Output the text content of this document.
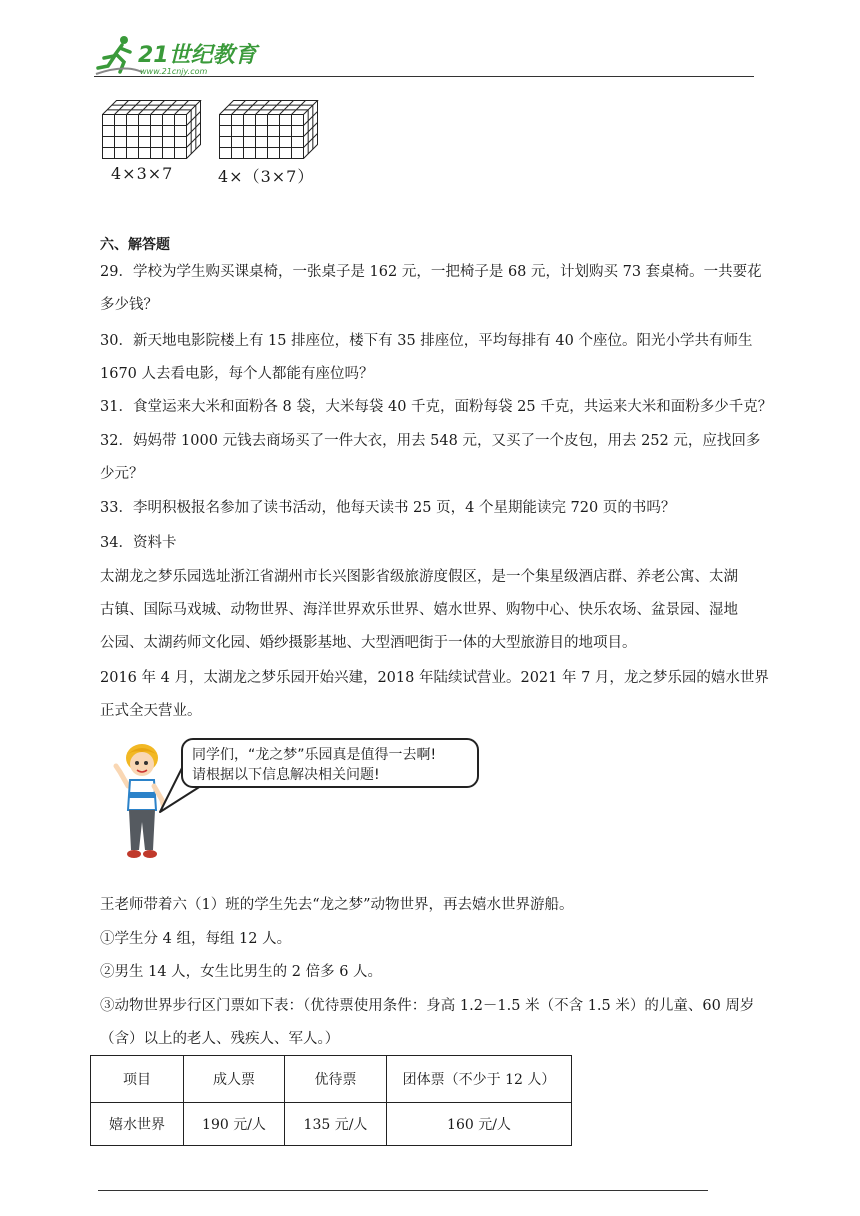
21世纪教育
www.21cnjy.com
4×3×7	4×（3×7）
六、解答题
29．学校为学生购买课桌椅，一张桌子是 162 元，一把椅子是 68 元，计划购买 73 套桌椅。一共要花
多少钱？
30．新天地电影院楼上有 15 排座位，楼下有 35 排座位，平均每排有 40 个座位。阳光小学共有师生
1670 人去看电影，每个人都能有座位吗？
31．食堂运来大米和面粉各 8 袋，大米每袋 40 千克，面粉每袋 25 千克，共运来大米和面粉多少千克？
32．妈妈带 1000 元钱去商场买了一件大衣，用去 548 元，又买了一个皮包，用去 252 元，应找回多
少元？
33．李明积极报名参加了读书活动，他每天读书 25 页，4 个星期能读完 720 页的书吗？
34．资料卡
太湖龙之梦乐园选址浙江省湖州市长兴图影省级旅游度假区，是一个集星级酒店群、养老公寓、太湖
古镇、国际马戏城、动物世界、海洋世界欢乐世界、嬉水世界、购物中心、快乐农场、盆景园、湿地
公园、太湖药师文化园、婚纱摄影基地、大型酒吧街于一体的大型旅游目的地项目。
2016 年 4 月，太湖龙之梦乐园开始兴建，2018 年陆续试营业。2021 年 7 月，龙之梦乐园的嬉水世界
正式全天营业。
同学们，“龙之梦”乐园真是值得一去啊!
请根据以下信息解决相关问题!
王老师带着六（1）班的学生先去“龙之梦”动物世界，再去嬉水世界游船。
①学生分 4 组，每组 12 人。
②男生 14 人，女生比男生的 2 倍多 6 人。
③动物世界步行区门票如下表：（优待票使用条件：身高 1.2－1.5 米（不含 1.5 米）的儿童、60 周岁
（含）以上的老人、残疾人、军人。）
项目	成人票	优待票	团体票（不少于 12 人）
嬉水世界	190 元/人	135 元/人	160 元/人
